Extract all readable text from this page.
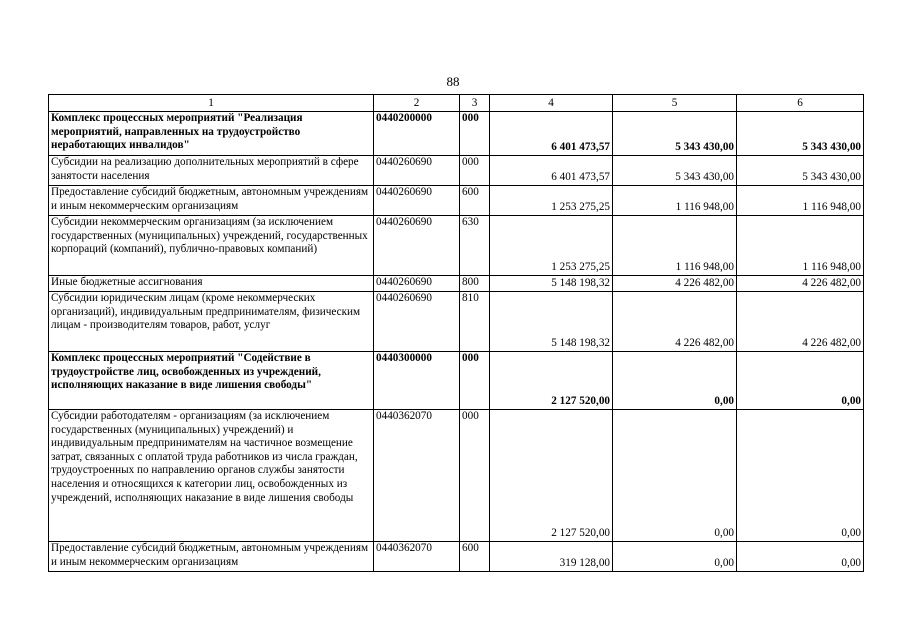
88
1	2	3	4	5	6
Комплекс процессных мероприятий "Реализация мероприятий, направленных на трудоустройство неработающих инвалидов"	0440200000	000	6 401 473,57	5 343 430,00	5 343 430,00
Субсидии на реализацию дополнительных мероприятий в сфере занятости населения	0440260690	000	6 401 473,57	5 343 430,00	5 343 430,00
Предоставление субсидий бюджетным, автономным учреждениям и иным некоммерческим организациям	0440260690	600	1 253 275,25	1 116 948,00	1 116 948,00
Субсидии некоммерческим организациям (за исключением государственных (муниципальных) учреждений, государственных корпораций (компаний), публично-правовых компаний)	0440260690	630	1 253 275,25	1 116 948,00	1 116 948,00
Иные бюджетные ассигнования	0440260690	800	5 148 198,32	4 226 482,00	4 226 482,00
Субсидии юридическим лицам (кроме некоммерческих организаций), индивидуальным предпринимателям, физическим лицам - производителям товаров, работ, услуг	0440260690	810	5 148 198,32	4 226 482,00	4 226 482,00
Комплекс процессных мероприятий "Содействие в трудоустройстве лиц, освобожденных из учреждений, исполняющих наказание в виде лишения свободы"	0440300000	000	2 127 520,00	0,00	0,00
Субсидии работодателям - организациям (за исключением государственных (муниципальных) учреждений) и индивидуальным предпринимателям на частичное возмещение затрат, связанных с оплатой труда работников из числа граждан, трудоустроенных по направлению органов службы занятости населения и относящихся к категории лиц, освобожденных из учреждений, исполняющих наказание в виде лишения свободы	0440362070	000	2 127 520,00	0,00	0,00
Предоставление субсидий бюджетным, автономным учреждениям и иным некоммерческим организациям	0440362070	600	319 128,00	0,00	0,00
